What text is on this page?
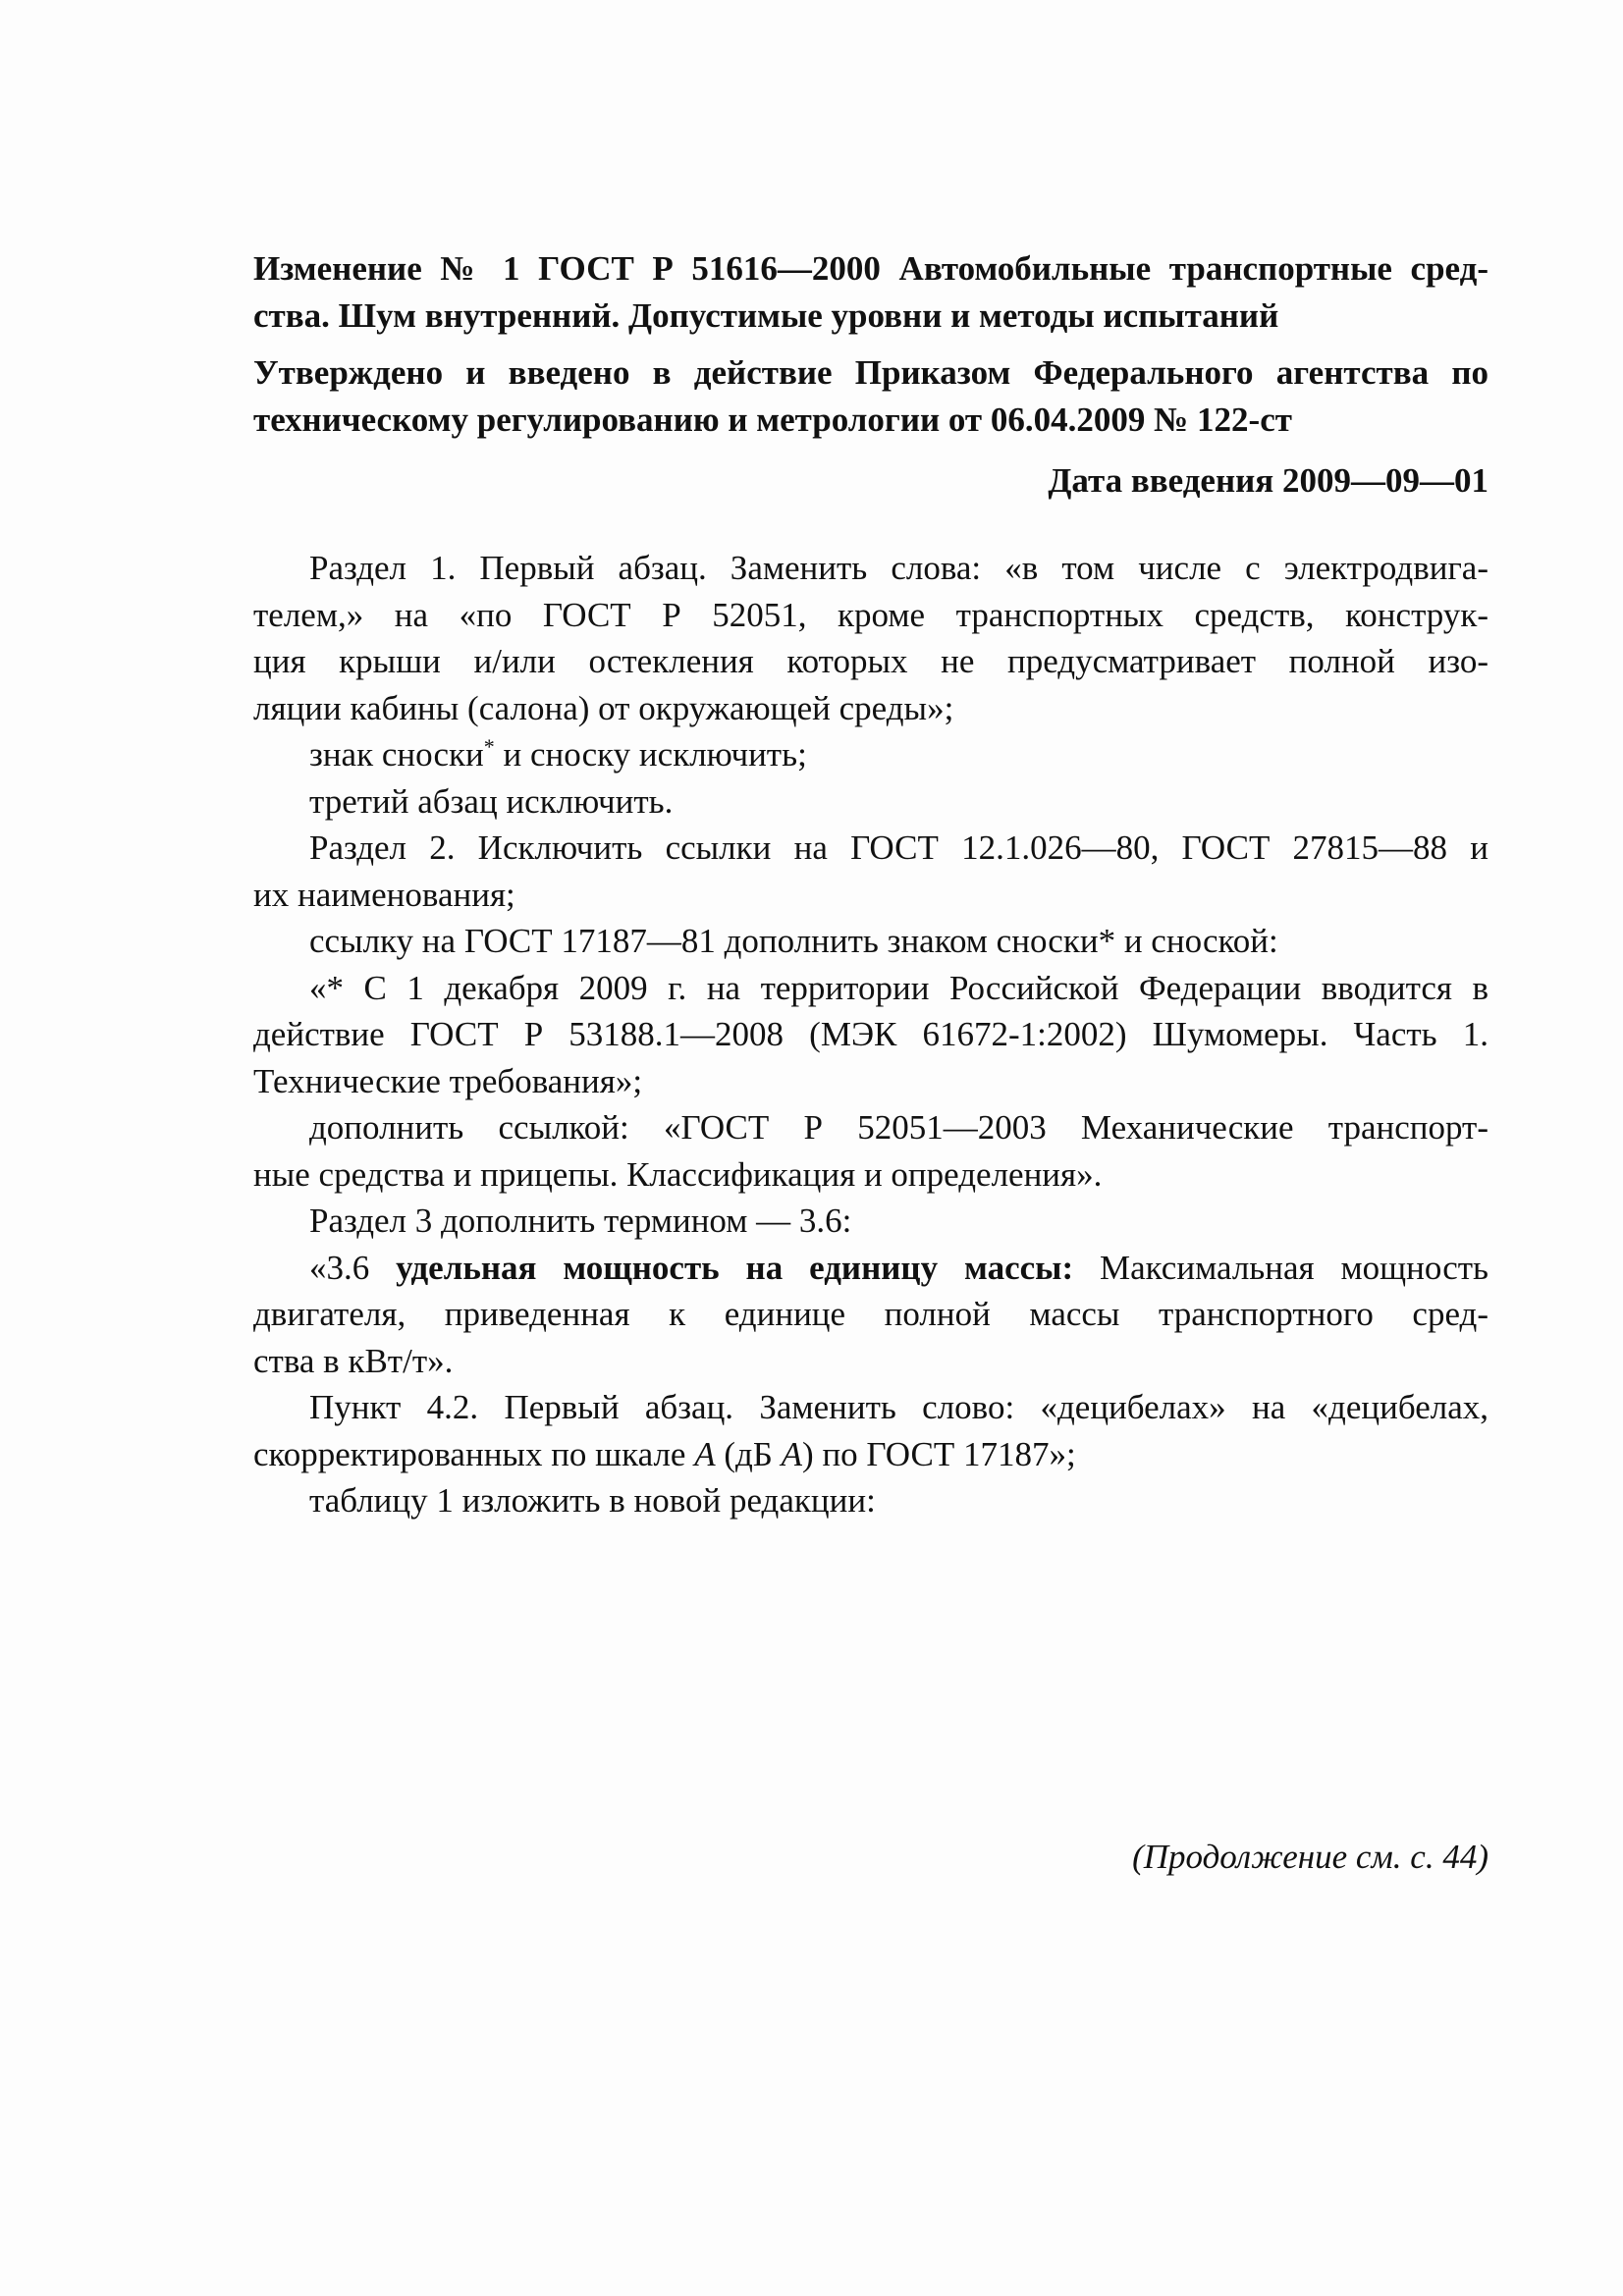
Изменение № 1 ГОСТ Р 51616—2000 Автомобильные транспортные сред-

ства. Шум внутренний. Допустимые уровни и методы испытаний

Утверждено и введено в действие Приказом Федерального агентства по

техническому регулированию и метрологии от 06.04.2009 № 122-ст

Дата введения 2009—09—01

Раздел 1. Первый абзац. Заменить слова: «в том числе с электродвига-
телем,» на «по ГОСТ Р 52051, кроме транспортных средств, конструк-
ция крыши и/или остекления которых не предусматривает полной изо-
ляции кабины (салона) от окружающей среды»;

знак сноски* и сноску исключить;

третий абзац исключить.

Раздел 2. Исключить ссылки на ГОСТ 12.1.026—80, ГОСТ 27815—88 и
их наименования;

ссылку на ГОСТ 17187—81 дополнить знаком сноски* и сноской:

«* С 1 декабря 2009 г. на территории Российской Федерации вводится в
действие ГОСТ Р 53188.1—2008 (МЭК 61672-1:2002) Шумомеры. Часть 1.
Технические требования»;

дополнить ссылкой: «ГОСТ Р 52051—2003 Механические транспорт-
ные средства и прицепы. Классификация и определения».

Раздел 3 дополнить термином — 3.6:

«3.6 удельная мощность на единицу массы: Максимальная мощность
двигателя, приведенная к единице полной массы транспортного сред-
ства в кВт/т».

Пункт 4.2. Первый абзац. Заменить слово: «децибелах» на «децибелах,
скорректированных по шкале А (дБ А) по ГОСТ 17187»;

таблицу 1 изложить в новой редакции:

(Продолжение см. с. 44)
